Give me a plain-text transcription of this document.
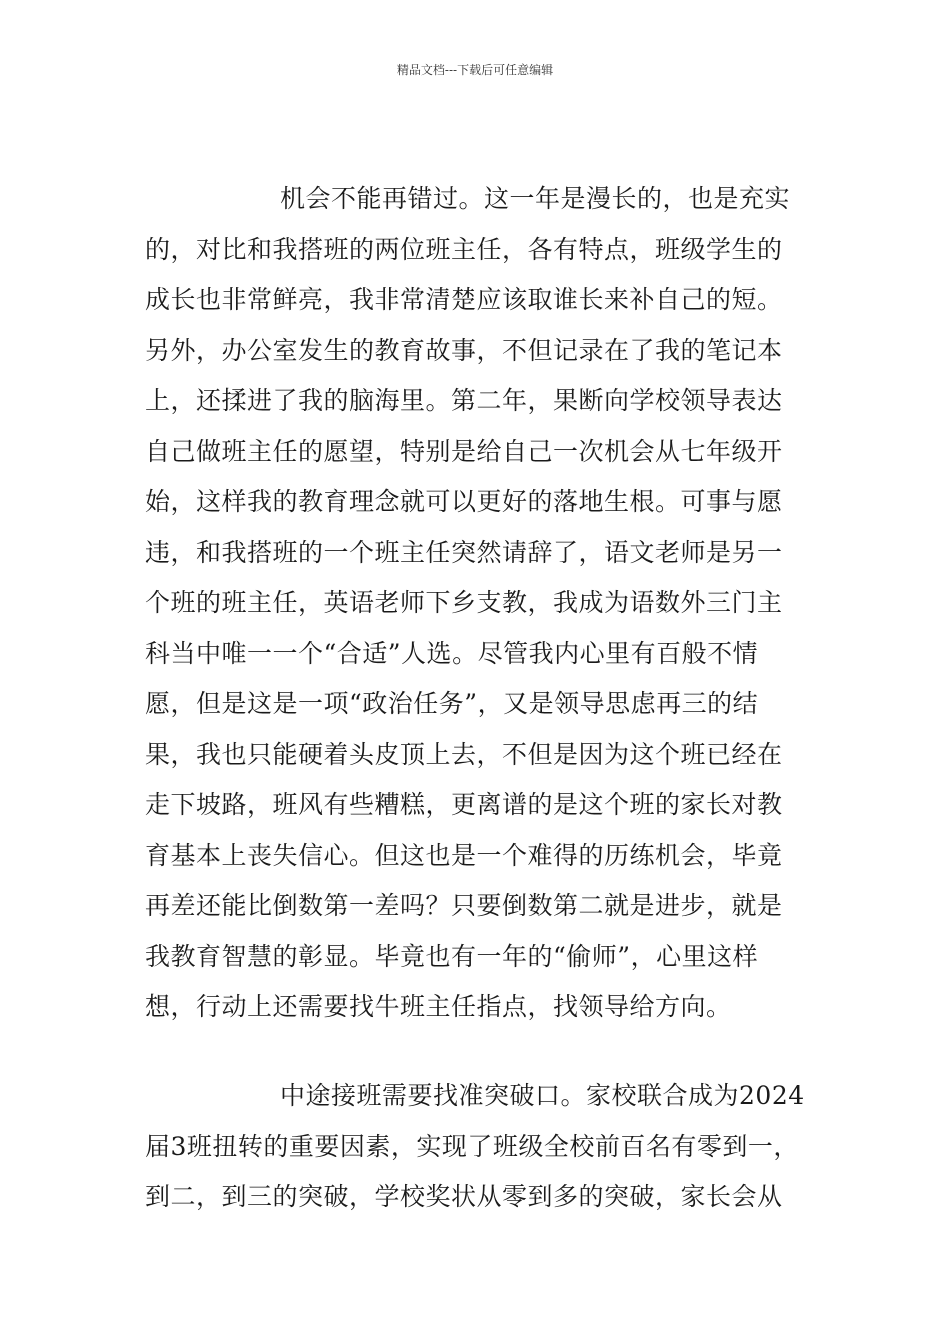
精品文档---下载后可任意编辑
机会不能再错过。这一年是漫长的，也是充实
的，对比和我搭班的两位班主任，各有特点，班级学生的
成长也非常鲜亮，我非常清楚应该取谁长来补自己的短。
另外，办公室发生的教育故事，不但记录在了我的笔记本
上，还揉进了我的脑海里。第二年，果断向学校领导表达
自己做班主任的愿望，特别是给自己一次机会从七年级开
始，这样我的教育理念就可以更好的落地生根。可事与愿
违，和我搭班的一个班主任突然请辞了，语文老师是另一
个班的班主任，英语老师下乡支教，我成为语数外三门主
科当中唯一一个“合适”人选。尽管我内心里有百般不情
愿，但是这是一项“政治任务”，又是领导思虑再三的结
果，我也只能硬着头皮顶上去，不但是因为这个班已经在
走下坡路，班风有些糟糕，更离谱的是这个班的家长对教
育基本上丧失信心。但这也是一个难得的历练机会，毕竟
再差还能比倒数第一差吗？只要倒数第二就是进步，就是
我教育智慧的彰显。毕竟也有一年的“偷师”，心里这样
想，行动上还需要找牛班主任指点，找领导给方向。
中途接班需要找准突破口。家校联合成为2024
届3班扭转的重要因素，实现了班级全校前百名有零到一，
到二，到三的突破，学校奖状从零到多的突破，家长会从
